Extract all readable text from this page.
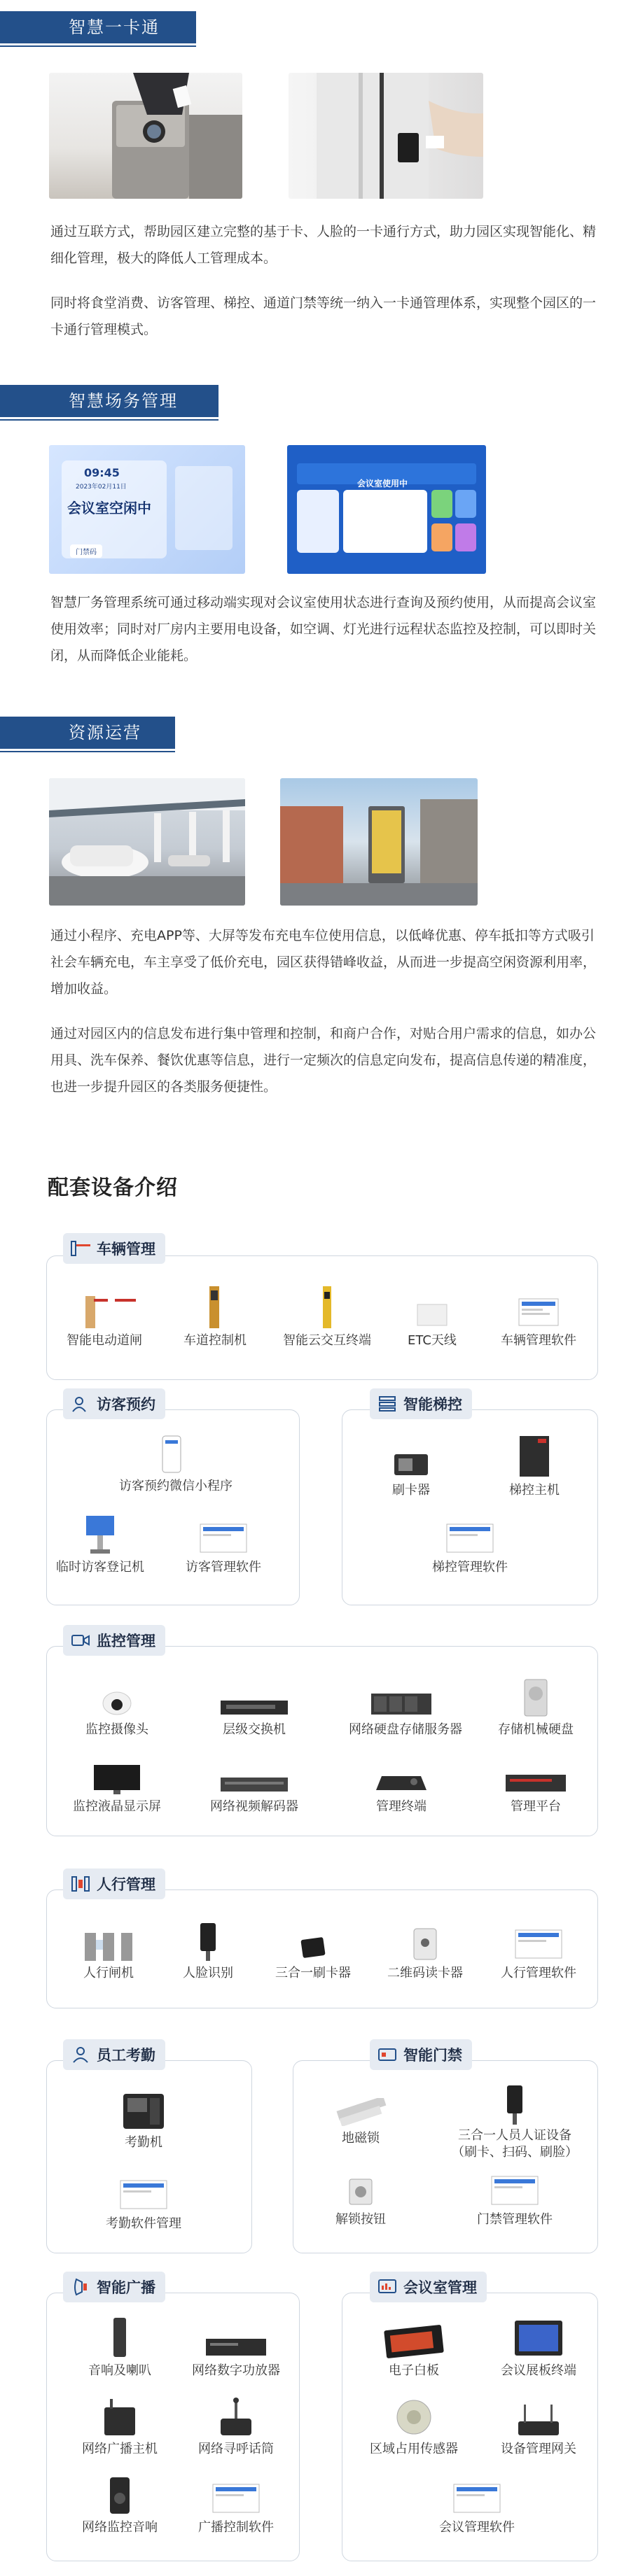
智慧一卡通
通过互联方式，帮助园区建立完整的基于卡、人脸的一卡通行方式，助力园区实现智能化、精细化管理，极大的降低人工管理成本。
同时将食堂消费、访客管理、梯控、通道门禁等统一纳入一卡通管理体系，实现整个园区的一卡通行管理模式。
智慧场务管理
09:45
2023年02月11日
会议室空闲中
门禁码
会议室使用中
智慧厂务管理系统可通过移动端实现对会议室使用状态进行查询及预约使用，从而提高会议室使用效率；同时对厂房内主要用电设备，如空调、灯光进行远程状态监控及控制，可以即时关闭，从而降低企业能耗。
资源运营
通过小程序、充电APP等、大屏等发布充电车位使用信息，以低峰优惠、停车抵扣等方式吸引社会车辆充电，车主享受了低价充电，园区获得错峰收益，从而进一步提高空闲资源利用率，增加收益。
通过对园区内的信息发布进行集中管理和控制，和商户合作，对贴合用户需求的信息，如办公用具、洗车保养、餐饮优惠等信息，进行一定频次的信息定向发布，提高信息传递的精准度，也进一步提升园区的各类服务便捷性。
配套设备介绍
车辆管理
智能电动道闸	车道控制机	智能云交互终端	ETC天线	车辆管理软件
访客预约
访客预约微信小程序
临时访客登记机	访客管理软件
智能梯控
刷卡器	梯控主机
梯控管理软件
监控管理
监控摄像头	层级交换机	网络硬盘存储服务器	存储机械硬盘
监控液晶显示屏	网络视频解码器	管理终端	管理平台
人行管理
人行闸机	人脸识别	三合一刷卡器	二维码读卡器	人行管理软件
员工考勤
考勤机
考勤软件管理
智能门禁
地磁锁	三合一人员人证设备
（刷卡、扫码、刷脸）
解锁按钮	门禁管理软件
智能广播
音响及喇叭	网络数字功放器
网络广播主机	网络寻呼话筒
网络监控音响	广播控制软件
会议室管理
电子白板	会议展板终端
区域占用传感器	设备管理网关
会议管理软件
